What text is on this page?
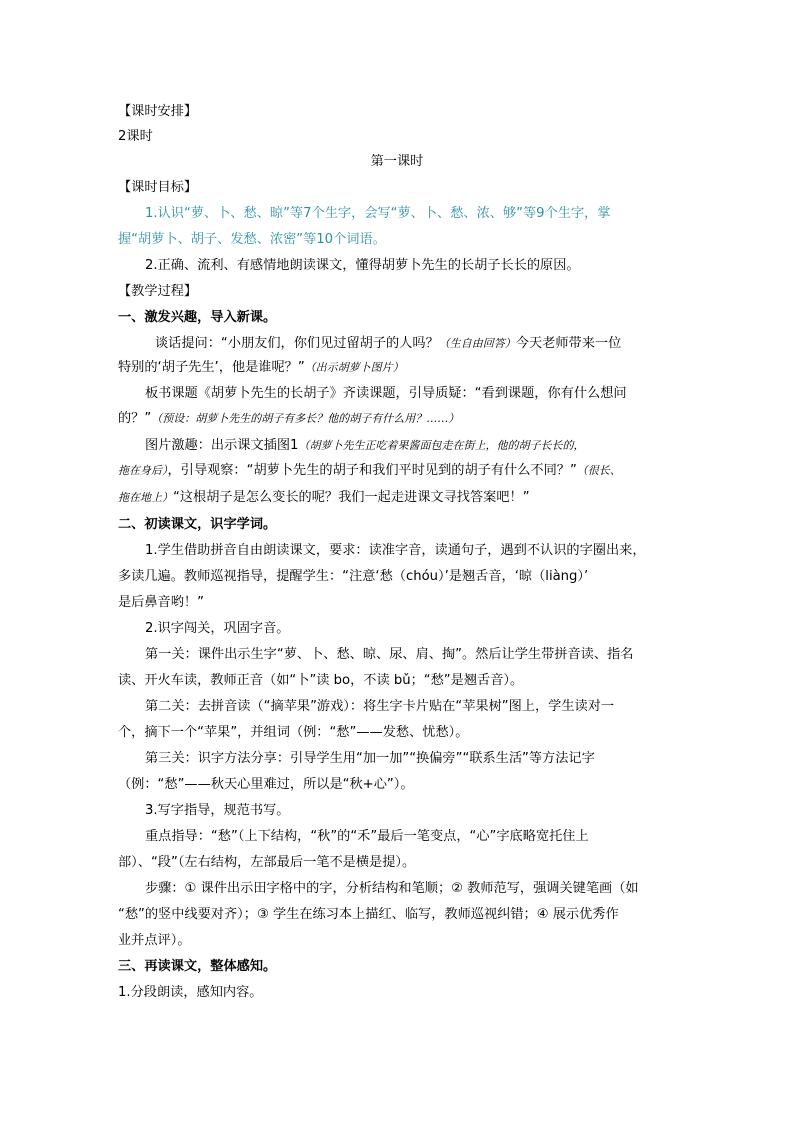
【课时安排】
2课时
第一课时
【课时目标】
1.认识“萝、卜、愁、晾”等7个生字，会写“萝、卜、愁、浓、够”等9个生字，掌
握“胡萝卜、胡子、发愁、浓密”等10个词语。
2.正确、流利、有感情地朗读课文，懂得胡萝卜先生的长胡子长长的原因。
【教学过程】
一、激发兴趣，导入新课。
谈话提问：“小朋友们，你们见过留胡子的人吗？（生自由回答）今天老师带来一位
特别的‘胡子先生’，他是谁呢？”（出示胡萝卜图片）
板书课题《胡萝卜先生的长胡子》齐读课题，引导质疑：“看到课题，你有什么想问
的？”（预设：胡萝卜先生的胡子有多长？他的胡子有什么用？……）
图片激趣：出示课文插图1（胡萝卜先生正吃着果酱面包走在街上，他的胡子长长的，
拖在身后），引导观察：“胡萝卜先生的胡子和我们平时见到的胡子有什么不同？”（很长、
拖在地上）“这根胡子是怎么变长的呢？我们一起走进课文寻找答案吧！”
二、初读课文，识字学词。
1.学生借助拼音自由朗读课文，要求：读准字音，读通句子，遇到不认识的字圈出来，
多读几遍。教师巡视指导，提醒学生：“注意‘愁（chóu）’是翘舌音，‘晾（liàng）’
是后鼻音哟！”
2.识字闯关，巩固字音。
第一关：课件出示生字“萝、卜、愁、晾、尿、肩、掏”。然后让学生带拼音读、指名
读、开火车读，教师正音（如“卜”读 bo，不读 bǔ；“愁”是翘舌音）。
第二关：去拼音读（“摘苹果”游戏）：将生字卡片贴在“苹果树”图上，学生读对一
个，摘下一个“苹果”，并组词（例：“愁”——发愁、忧愁）。
第三关：识字方法分享：引导学生用“加一加”“换偏旁”“联系生活”等方法记字
（例：“愁”——秋天心里难过，所以是“秋+心”）。
3.写字指导，规范书写。
重点指导：“愁”（上下结构，“秋”的“禾”最后一笔变点，“心”字底略宽托住上
部）、“段”（左右结构，左部最后一笔不是横是提）。
步骤：① 课件出示田字格中的字，分析结构和笔顺；② 教师范写，强调关键笔画（如
“愁”的竖中线要对齐）；③ 学生在练习本上描红、临写，教师巡视纠错；④ 展示优秀作
业并点评）。
三、再读课文，整体感知。
1.分段朗读，感知内容。
